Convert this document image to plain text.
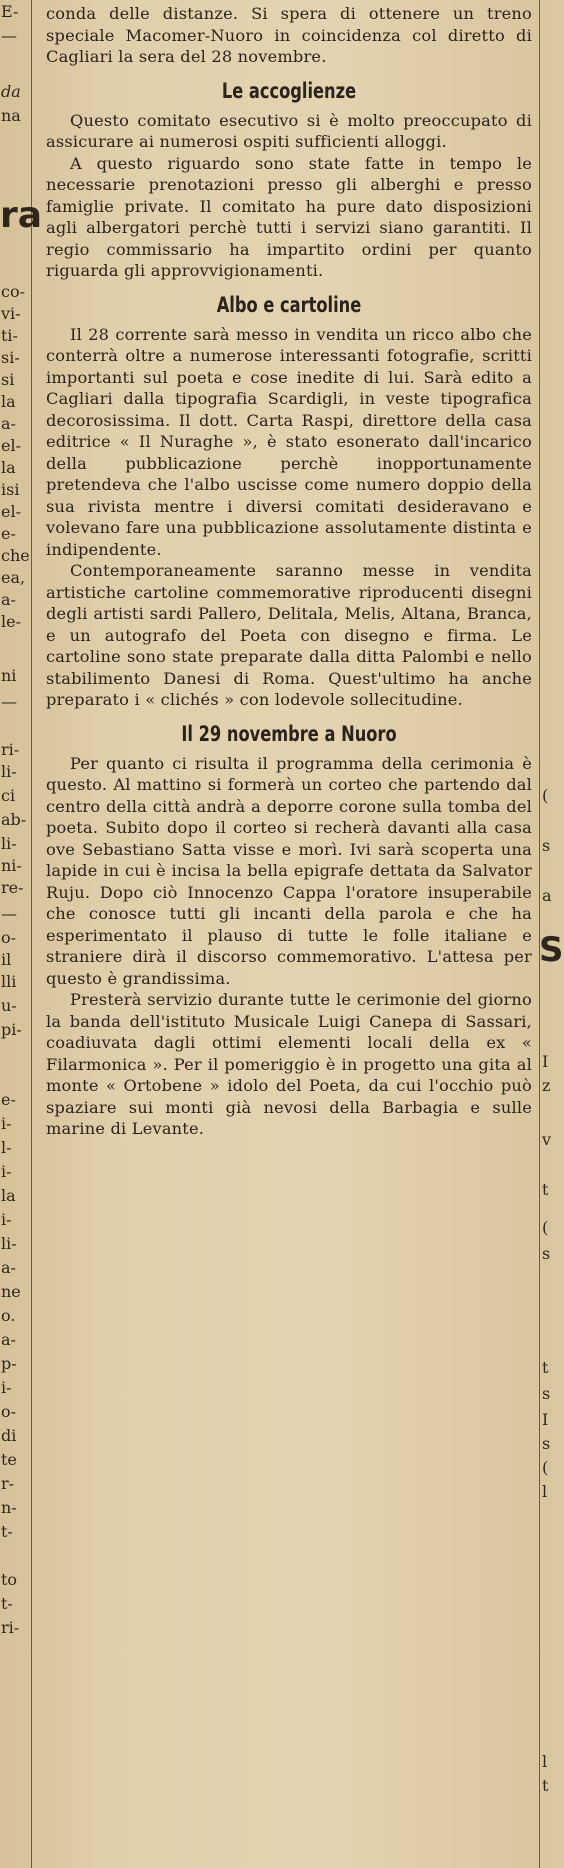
E-
—
da
na
ra
co-
vi-
ti-
si-
si
la
a-
el-
la
isi
el-
e-
che
ea,
a-
le-
ni
—
ri-
li-
ci
ab-
li-
ni-
re-
—
o-
il
lli
u-
pi-
e-
i-
l-
i-
la
i-
li-
a-
ne
o.
a-
p-
i-
o-
di
te
r-
n-
t-
to
t-
ri-
(
s
a
S
I
z
v
t
(
s
t
s
I
s
(
l
l
t

conda delle distanze. Si spera di ottenere un treno speciale Macomer-Nuoro in coincidenza col diretto di Cagliari la sera del 28 novembre.

Le accoglienze

Questo comitato esecutivo si è molto preoccupato di assicurare ai numerosi ospiti sufficienti alloggi.

A questo riguardo sono state fatte in tempo le necessarie prenotazioni presso gli alberghi e presso famiglie private. Il comitato ha pure dato disposizioni agli albergatori perchè tutti i servizi siano garantiti. Il regio commissario ha impartito ordini per quanto riguarda gli approvvigionamenti.

Albo e cartoline

Il 28 corrente sarà messo in vendita un ricco albo che conterrà oltre a numerose interessanti fotografie, scritti importanti sul poeta e cose inedite di lui. Sarà edito a Cagliari dalla tipografia Scardigli, in veste tipografica decorosissima. Il dott. Carta Raspi, direttore della casa editrice « Il Nuraghe », è stato esonerato dall'incarico della pubblicazione perchè inopportunamente pretendeva che l'albo uscisse come numero doppio della sua rivista mentre i diversi comitati desideravano e volevano fare una pubblicazione assolutamente distinta e indipendente.

Contemporaneamente saranno messe in vendita artistiche cartoline commemorative riproducenti disegni degli artisti sardi Pallero, Delitala, Melis, Altana, Branca, e un autografo del Poeta con disegno e firma. Le cartoline sono state preparate dalla ditta Palombi e nello stabilimento Danesi di Roma. Quest'ultimo ha anche preparato i « clichés » con lodevole sollecitudine.

Il 29 novembre a Nuoro

Per quanto ci risulta il programma della cerimonia è questo. Al mattino si formerà un corteo che partendo dal centro della città andrà a deporre corone sulla tomba del poeta. Subito dopo il corteo si recherà davanti alla casa ove Sebastiano Satta visse e morì. Ivi sarà scoperta una lapide in cui è incisa la bella epigrafe dettata da Salvator Ruju. Dopo ciò Innocenzo Cappa l'oratore insuperabile che conosce tutti gli incanti della parola e che ha esperimentato il plauso di tutte le folle italiane e straniere dirà il discorso commemorativo. L'attesa per questo è grandissima.

Presterà servizio durante tutte le cerimonie del giorno la banda dell'istituto Musicale Luigi Canepa di Sassari, coadiuvata dagli ottimi elementi locali della ex « Filarmonica ». Per il pomeriggio è in progetto una gita al monte « Ortobene » idolo del Poeta, da cui l'occhio può spaziare sui monti già nevosi della Barbagia e sulle marine di Levante.
